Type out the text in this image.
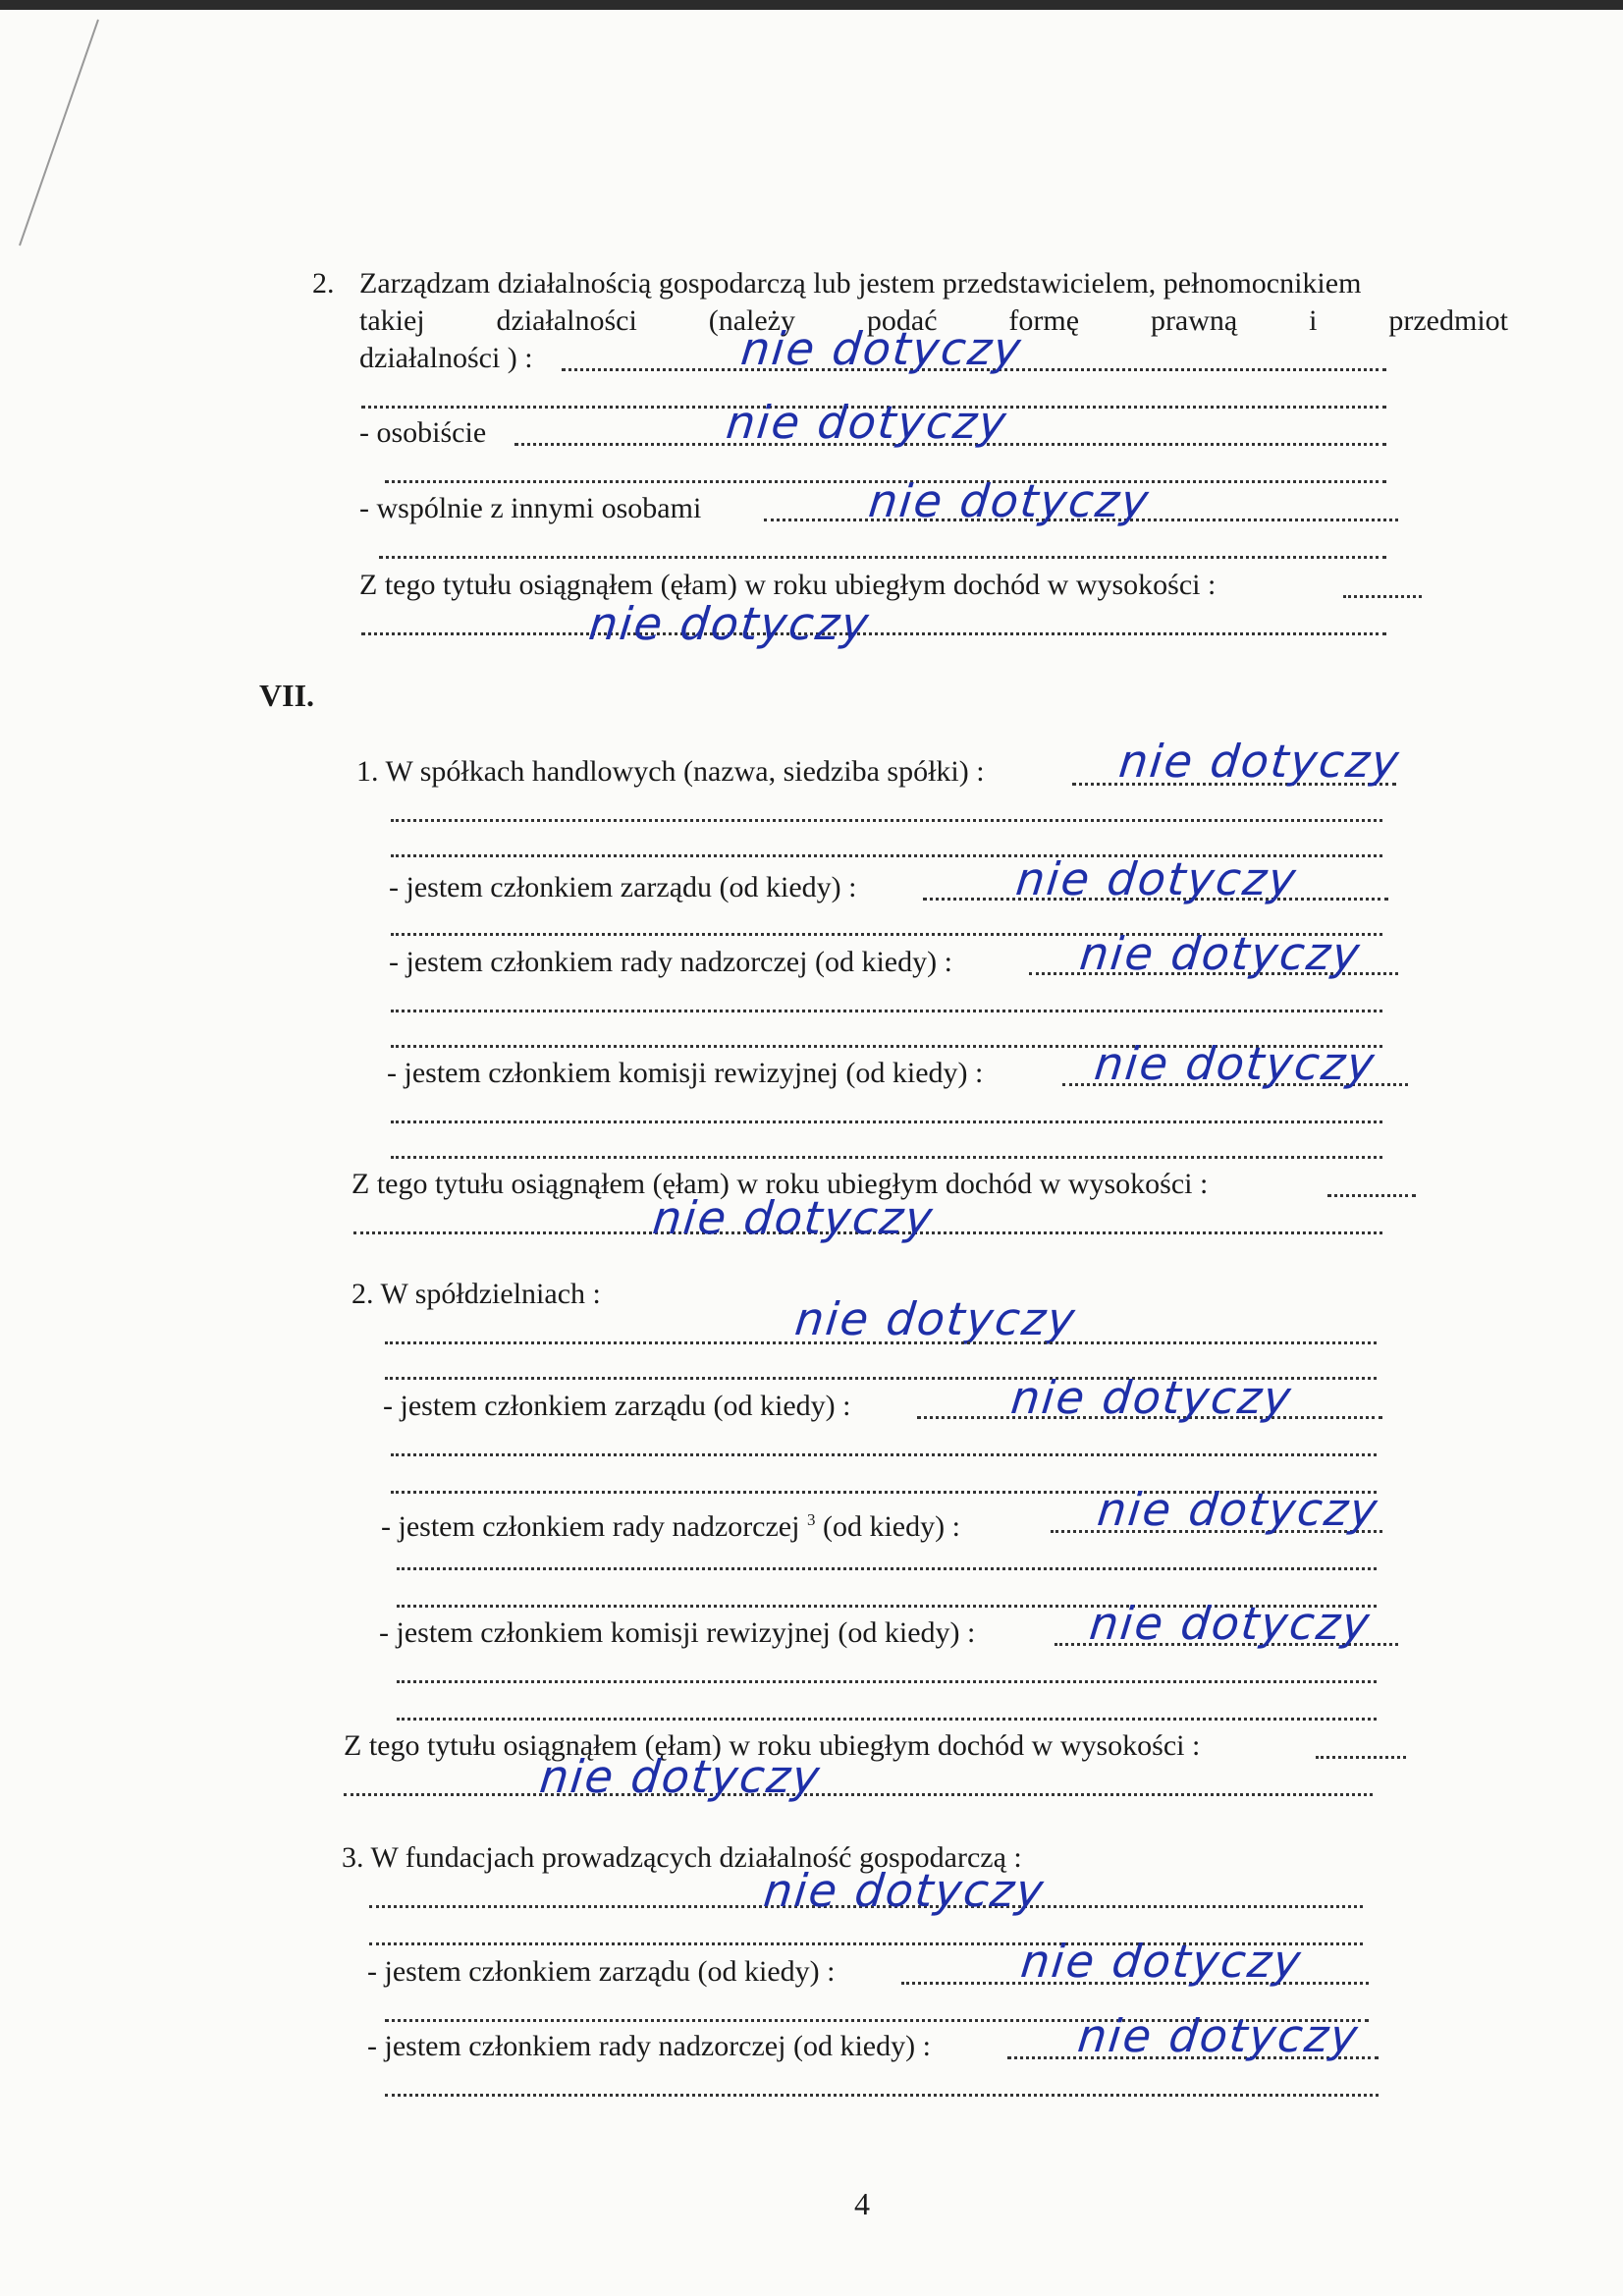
2. Zarządzam działalnością gospodarczą lub jestem przedstawicielem, pełnomocnikiem
takiej działalności (należy podać formę prawną i przedmiot
działalności ) :	nie dotyczy
- osobiście	nie dotyczy
- wspólnie z innymi osobami	nie dotyczy
Z tego tytułu osiągnąłem (ęłam) w roku ubiegłym dochód w wysokości :
nie dotyczy
VII.
1. W spółkach handlowych (nazwa, siedziba spółki) :	nie dotyczy
- jestem członkiem zarządu (od kiedy) :	nie dotyczy
- jestem członkiem rady nadzorczej (od kiedy) :	nie dotyczy
- jestem członkiem komisji rewizyjnej (od kiedy) : nie dotyczy
Z tego tytułu osiągnąłem (ęłam) w roku ubiegłym dochód w wysokości :
nie dotyczy
2. W spółdzielniach :	nie dotyczy
- jestem członkiem zarządu (od kiedy) :	nie dotyczy
- jestem członkiem rady nadzorczej $^3$ (od kiedy) :	nie dotyczy
- jestem członkiem komisji rewizyjnej (od kiedy) : nie dotyczy
Z tego tytułu osiągnąłem (ęłam) w roku ubiegłym dochód w wysokości :
nie dotyczy
3. W fundacjach prowadzących działalność gospodarczą :
nie dotyczy
- jestem członkiem zarządu (od kiedy) :	nie dotyczy
- jestem członkiem rady nadzorczej (od kiedy) :	nie dotyczy
4
